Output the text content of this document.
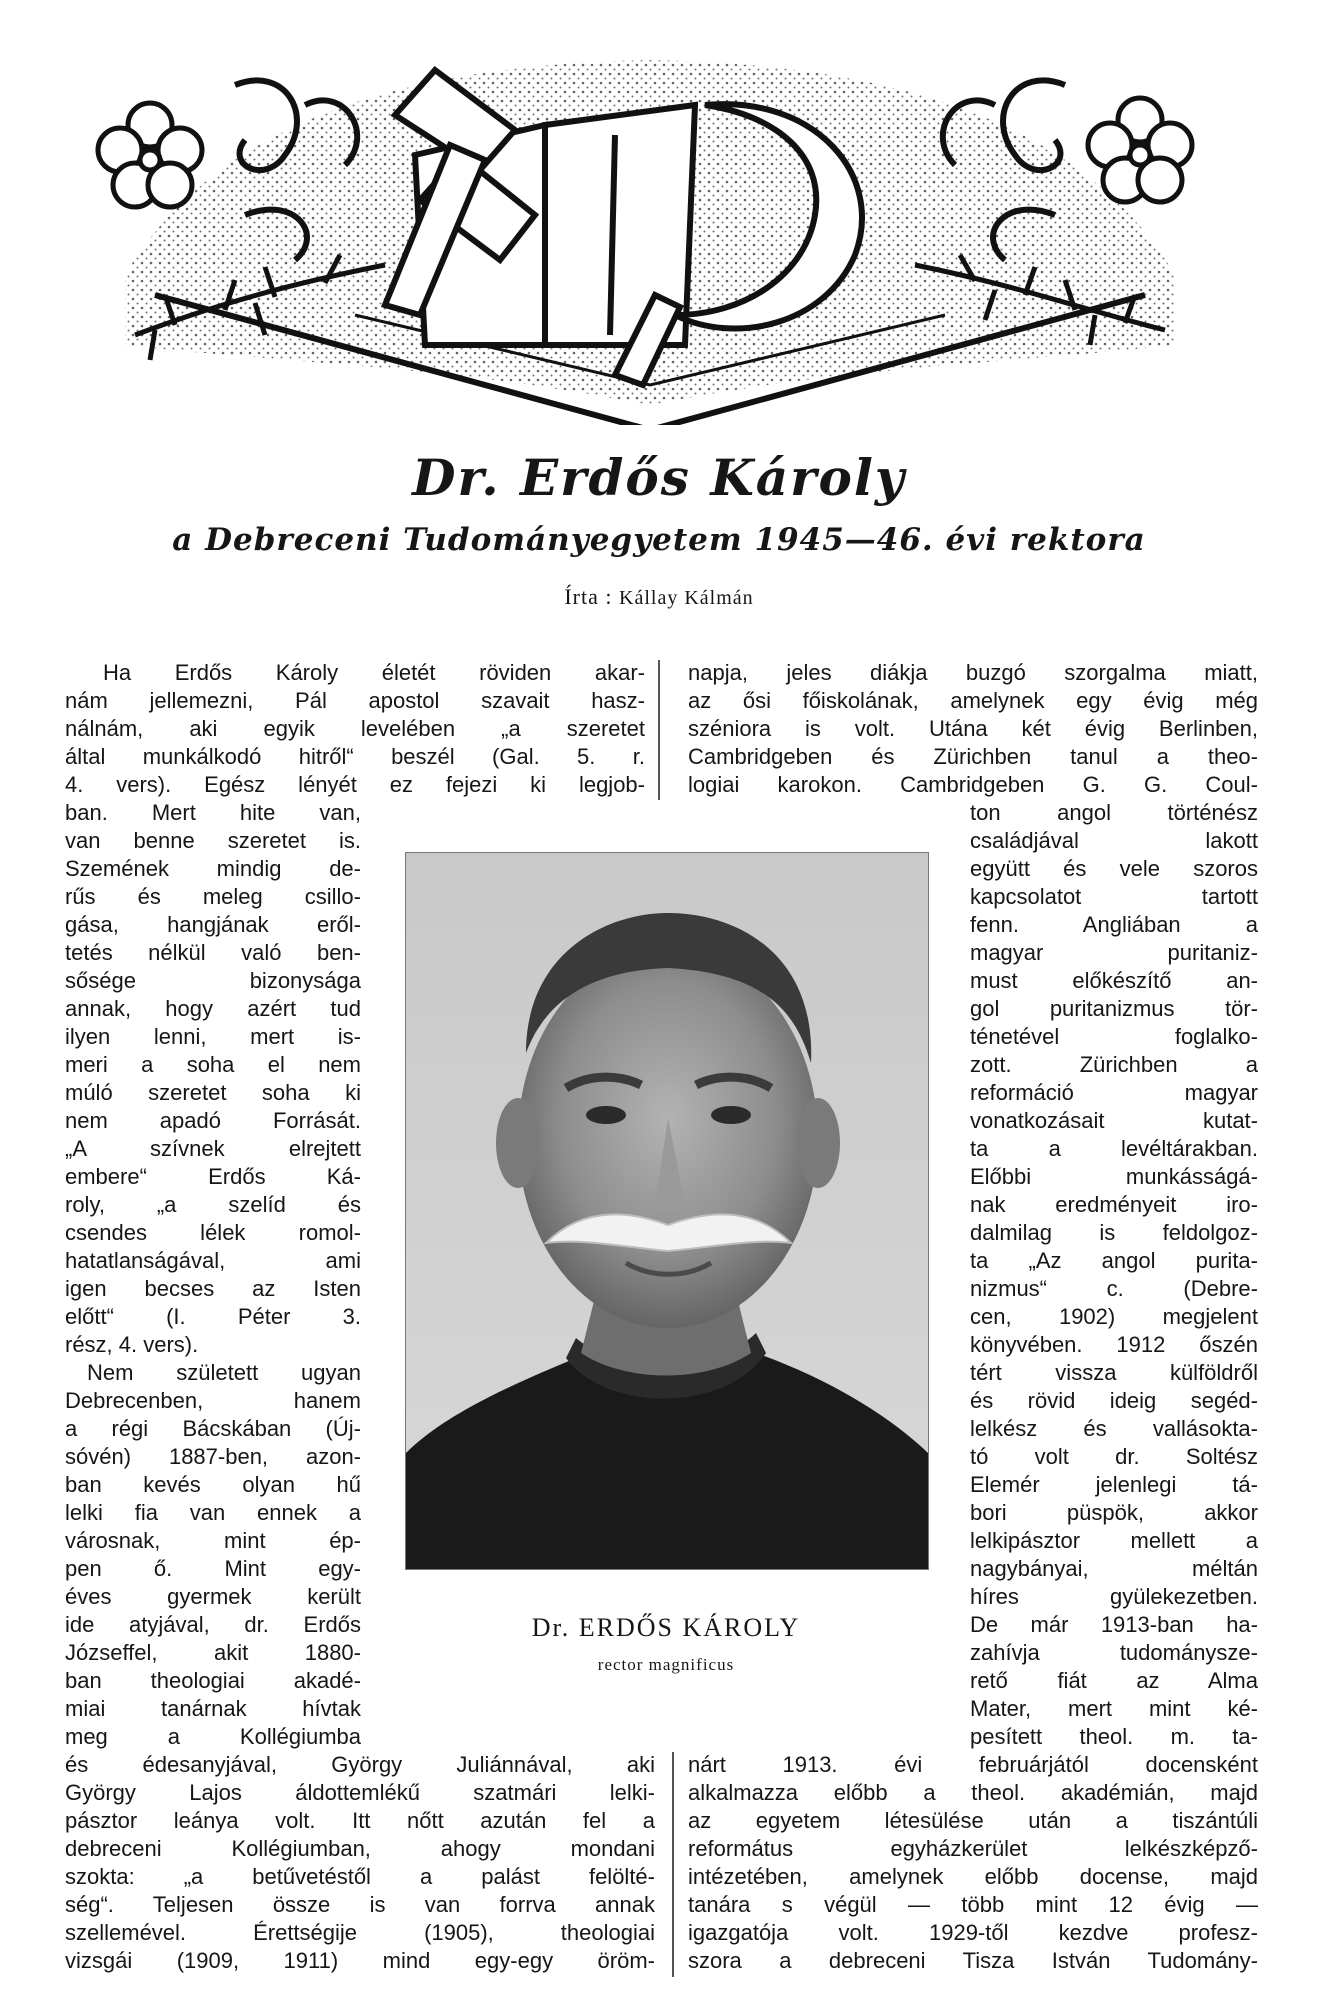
Dr. Erdős Károly
a Debreceni Tudományegyetem 1945—46. évi rektora
Írta : Kállay Kálmán
Ha Erdős Károly életét röviden akar-
nám jellemezni, Pál apostol szavait hasz-
nálnám, aki egyik levelében „a szeretet
által munkálkodó hitről“ beszél (Gal. 5. r.
4. vers). Egész lényét ez fejezi ki legjob-
ban. Mert hite van,
van benne szeretet is.
Szemének mindig de-
rűs és meleg csillo-
gása, hangjának eről-
tetés nélkül való ben-
sősége bizonysága
annak, hogy azért tud
ilyen lenni, mert is-
meri a soha el nem
múló szeretet soha ki
nem apadó Forrását.
„A szívnek elrejtett
embere“ Erdős Ká-
roly, „a szelíd és
csendes lélek romol-
hatatlanságával, ami
igen becses az Isten
előtt“ (I. Péter 3.
rész, 4. vers).
Nem született ugyan
Debrecenben, hanem
a régi Bácskában (Új-
sóvén) 1887-ben, azon-
ban kevés olyan hű
lelki fia van ennek a
városnak, mint ép-
pen ő. Mint egy-
éves gyermek került
ide atyjával, dr. Erdős
Józseffel, akit 1880-
ban theologiai akadé-
miai tanárnak hívtak
meg a Kollégiumba
és édesanyjával, György Juliánnával, aki
György Lajos áldottemlékű szatmári lelki-
pásztor leánya volt. Itt nőtt azután fel a
debreceni Kollégiumban, ahogy mondani
szokta: „a betűvetéstől a palást felölté-
ség“. Teljesen össze is van forrva annak
szellemével. Érettségije (1905), theologiai
vizsgái (1909, 1911) mind egy-egy öröm-
napja, jeles diákja buzgó szorgalma miatt,
az ősi főiskolának, amelynek egy évig még
széniora is volt. Utána két évig Berlinben,
Cambridgeben és Zürichben tanul a theo-
logiai karokon. Cambridgeben G. G. Coul-
ton angol történész
családjával lakott
együtt és vele szoros
kapcsolatot tartott
fenn. Angliában a
magyar puritaniz-
must előkészítő an-
gol puritanizmus tör-
ténetével foglalko-
zott. Zürichben a
reformáció magyar
vonatkozásait kutat-
ta a levéltárakban.
Előbbi munkásságá-
nak eredményeit iro-
dalmilag is feldolgoz-
ta „Az angol purita-
nizmus“ c. (Debre-
cen, 1902) megjelent
könyvében. 1912 őszén
tért vissza külföldről
és rövid ideig segéd-
lelkész és vallásokta-
tó volt dr. Soltész
Elemér jelenlegi tá-
bori püspök, akkor
lelkipásztor mellett a
nagybányai, méltán
híres gyülekezetben.
De már 1913-ban ha-
zahívja tudományszе-
rető fiát az Alma
Mater, mert mint ké-
pesített theol. m. ta-
nárt 1913. évi februárjától docensként
alkalmazza előbb a theol. akadémián, majd
az egyetem létesülése után a tiszántúli
református egyházkerület lelkészképző-
intézetében, amelynek előbb docense, majd
tanára s végül — több mint 12 évig —
igazgatója volt. 1929-től kezdve profesz-
szora a debreceni Tisza István Tudomány-
Dr. ERDŐS KÁROLY
rector magnificus
